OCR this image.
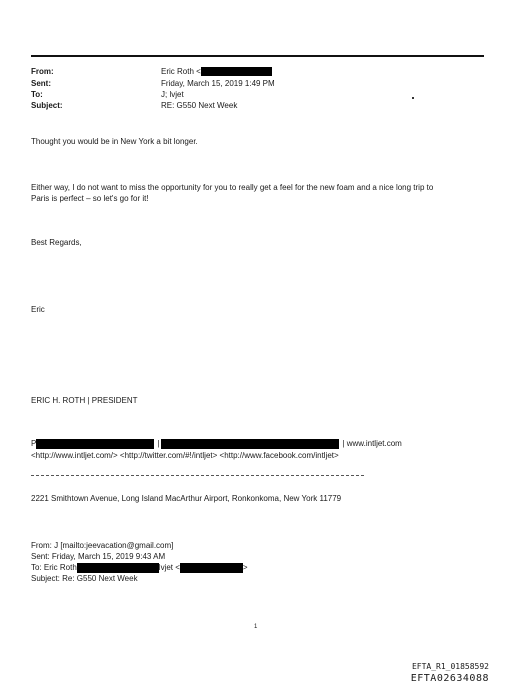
From:	Eric Roth <
Sent:	Friday, March 15, 2019 1:49 PM
To:	J; lvjet
Subject:	RE: G550 Next Week
Thought you would be in New York a bit longer.
Either way, I do not want to miss the opportunity for you to really get a feel for the new foam and a nice long trip to
Paris is perfect – so let's go for it!
Best Regards,
Eric
ERIC H. ROTH | PRESIDENT
P	|	| www.intljet.com
<http://www.intljet.com/> <http://twitter.com/#!/intljet> <http://www.facebook.com/intljet>
2221 Smithtown Avenue, Long Island MacArthur Airport, Ronkonkoma, New York 11779
From: J [mailto:jeevacation@gmail.com]
Sent: Friday, March 15, 2019 9:43 AM
To: Eric Roth	lvjet <	>
Subject: Re: G550 Next Week
1
EFTA_R1_01858592
EFTA02634088
